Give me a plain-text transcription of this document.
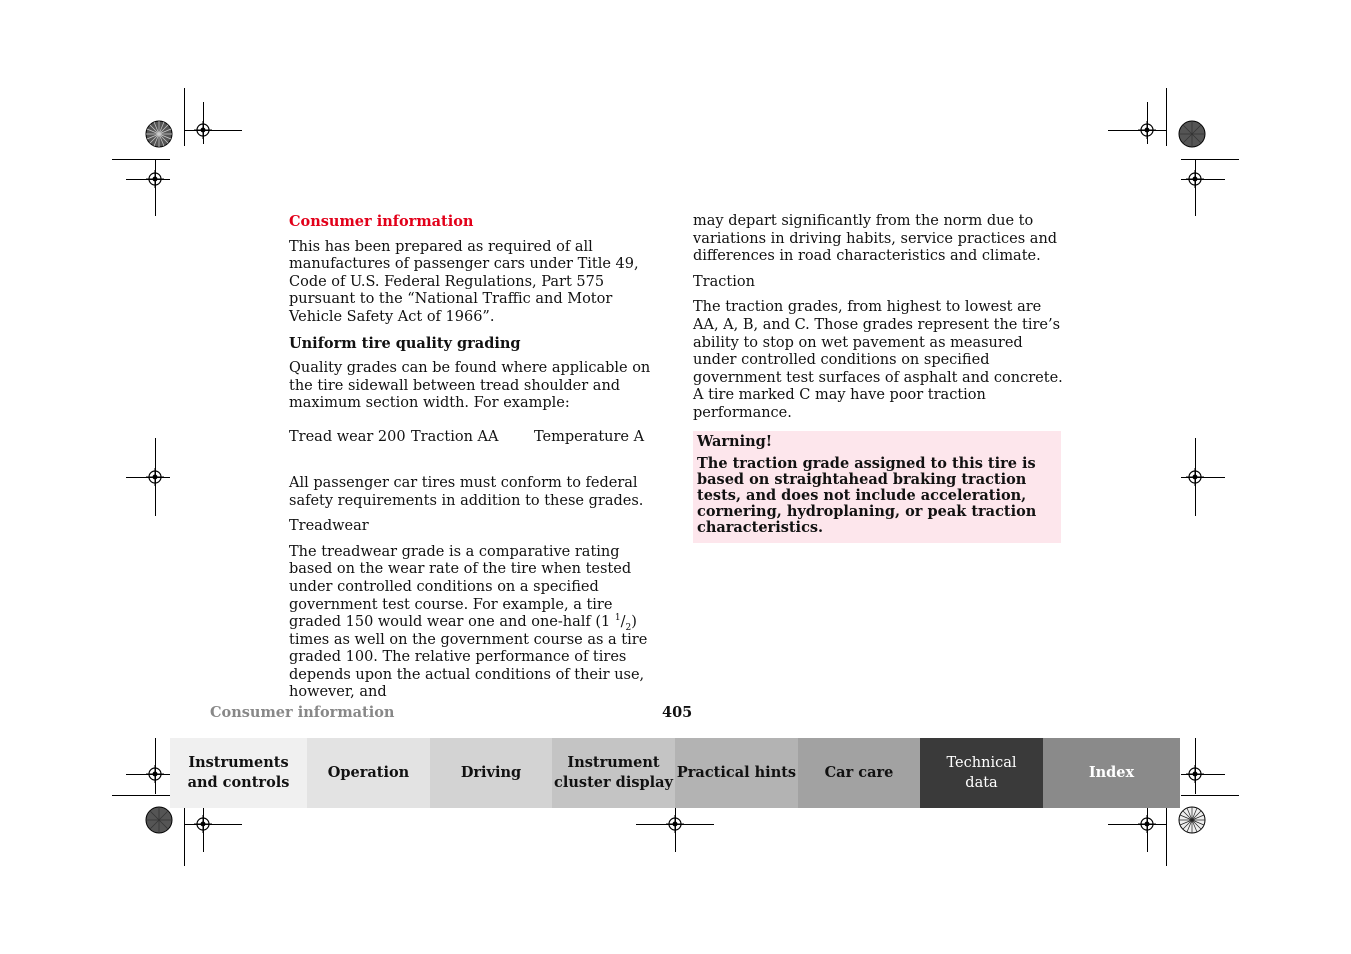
Consumer information

This has been prepared as required of all manufactures of passenger cars under Title 49, Code of U.S. Federal Regulations, Part 575 pursuant to the “National Traffic and Motor Vehicle Safety Act of 1966”.

Uniform tire quality grading

Quality grades can be found where applicable on the tire sidewall between tread shoulder and maximum section width. For example:

Tread wear 200 Traction AA Temperature A

All passenger car tires must conform to federal safety requirements in addition to these grades.

Treadwear

The treadwear grade is a comparative rating based on the wear rate of the tire when tested under controlled conditions on a specified government test course. For example, a tire graded 150 would wear one and one-half (1 $^1/_2$) times as well on the government course as a tire graded 100. The relative performance of tires depends upon the actual conditions of their use, however, and

may depart significantly from the norm due to variations in driving habits, service practices and differences in road characteristics and climate.

Traction

The traction grades, from highest to lowest are AA, A, B, and C. Those grades represent the tire’s ability to stop on wet pavement as measured under controlled conditions on specified government test surfaces of asphalt and concrete. A tire marked C may have poor traction performance.

Warning!
The traction grade assigned to this tire is based on straightahead braking traction tests, and does not include acceleration, cornering, hydroplaning, or peak traction characteristics.
Consumer information	405
Instruments
and controls
Operation	Driving
Instrument
cluster display
Practical hints Car care
Technical
data
Index
